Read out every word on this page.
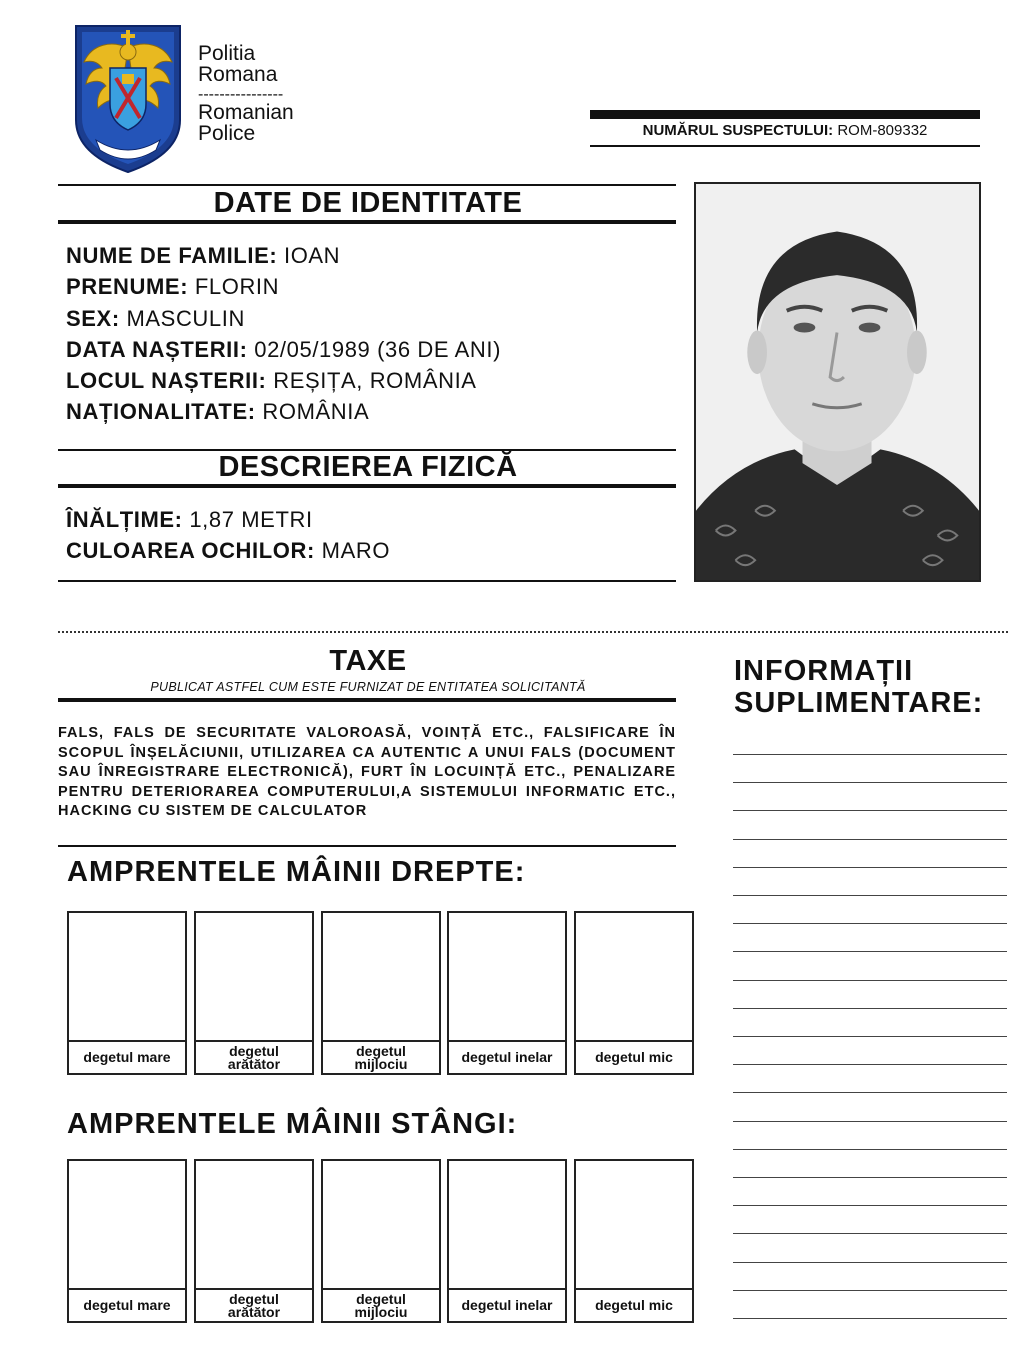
Politia
Romana
----------------
Romanian
Police	NUMĂRUL SUSPECTULUI: ROM-809332
DATE DE IDENTITATE
NUME DE FAMILIE: IOAN
PRENUME: FLORIN
SEX: MASCULIN
DATA NAȘTERII: 02/05/1989 (36 DE ANI)
LOCUL NAȘTERII: REȘIȚA, ROMÂNIA
NAȚIONALITATE: ROMÂNIA
DESCRIEREA FIZICĂ
ÎNĂLȚIME: 1,87 METRI
CULOAREA OCHILOR: MARO
TAXE
PUBLICAT ASTFEL CUM ESTE FURNIZAT DE ENTITATEA SOLICITANTĂ
FALS, FALS DE SECURITATE VALOROASĂ, VOINȚĂ ETC., FALSIFICARE ÎN SCOPUL ÎNȘELĂCIUNII, UTILIZAREA CA AUTENTIC A UNUI FALS (DOCUMENT SAU ÎNREGISTRARE ELECTRONICĂ), FURT ÎN LOCUINȚĂ ETC., PENALIZARE PENTRU DETERIORAREA COMPUTERULUI,A SISTEMULUI INFORMATIC ETC., HACKING CU SISTEM DE CALCULATOR
INFORMAȚII
SUPLIMENTARE:
AMPRENTELE MÂINII DREPTE:
degetul mare	degetul
arătător
degetul
mijlociu	degetul inelar	degetul mic
AMPRENTELE MÂINII STÂNGI:
degetul mare	degetul
arătător
degetul
mijlociu	degetul inelar	degetul mic
